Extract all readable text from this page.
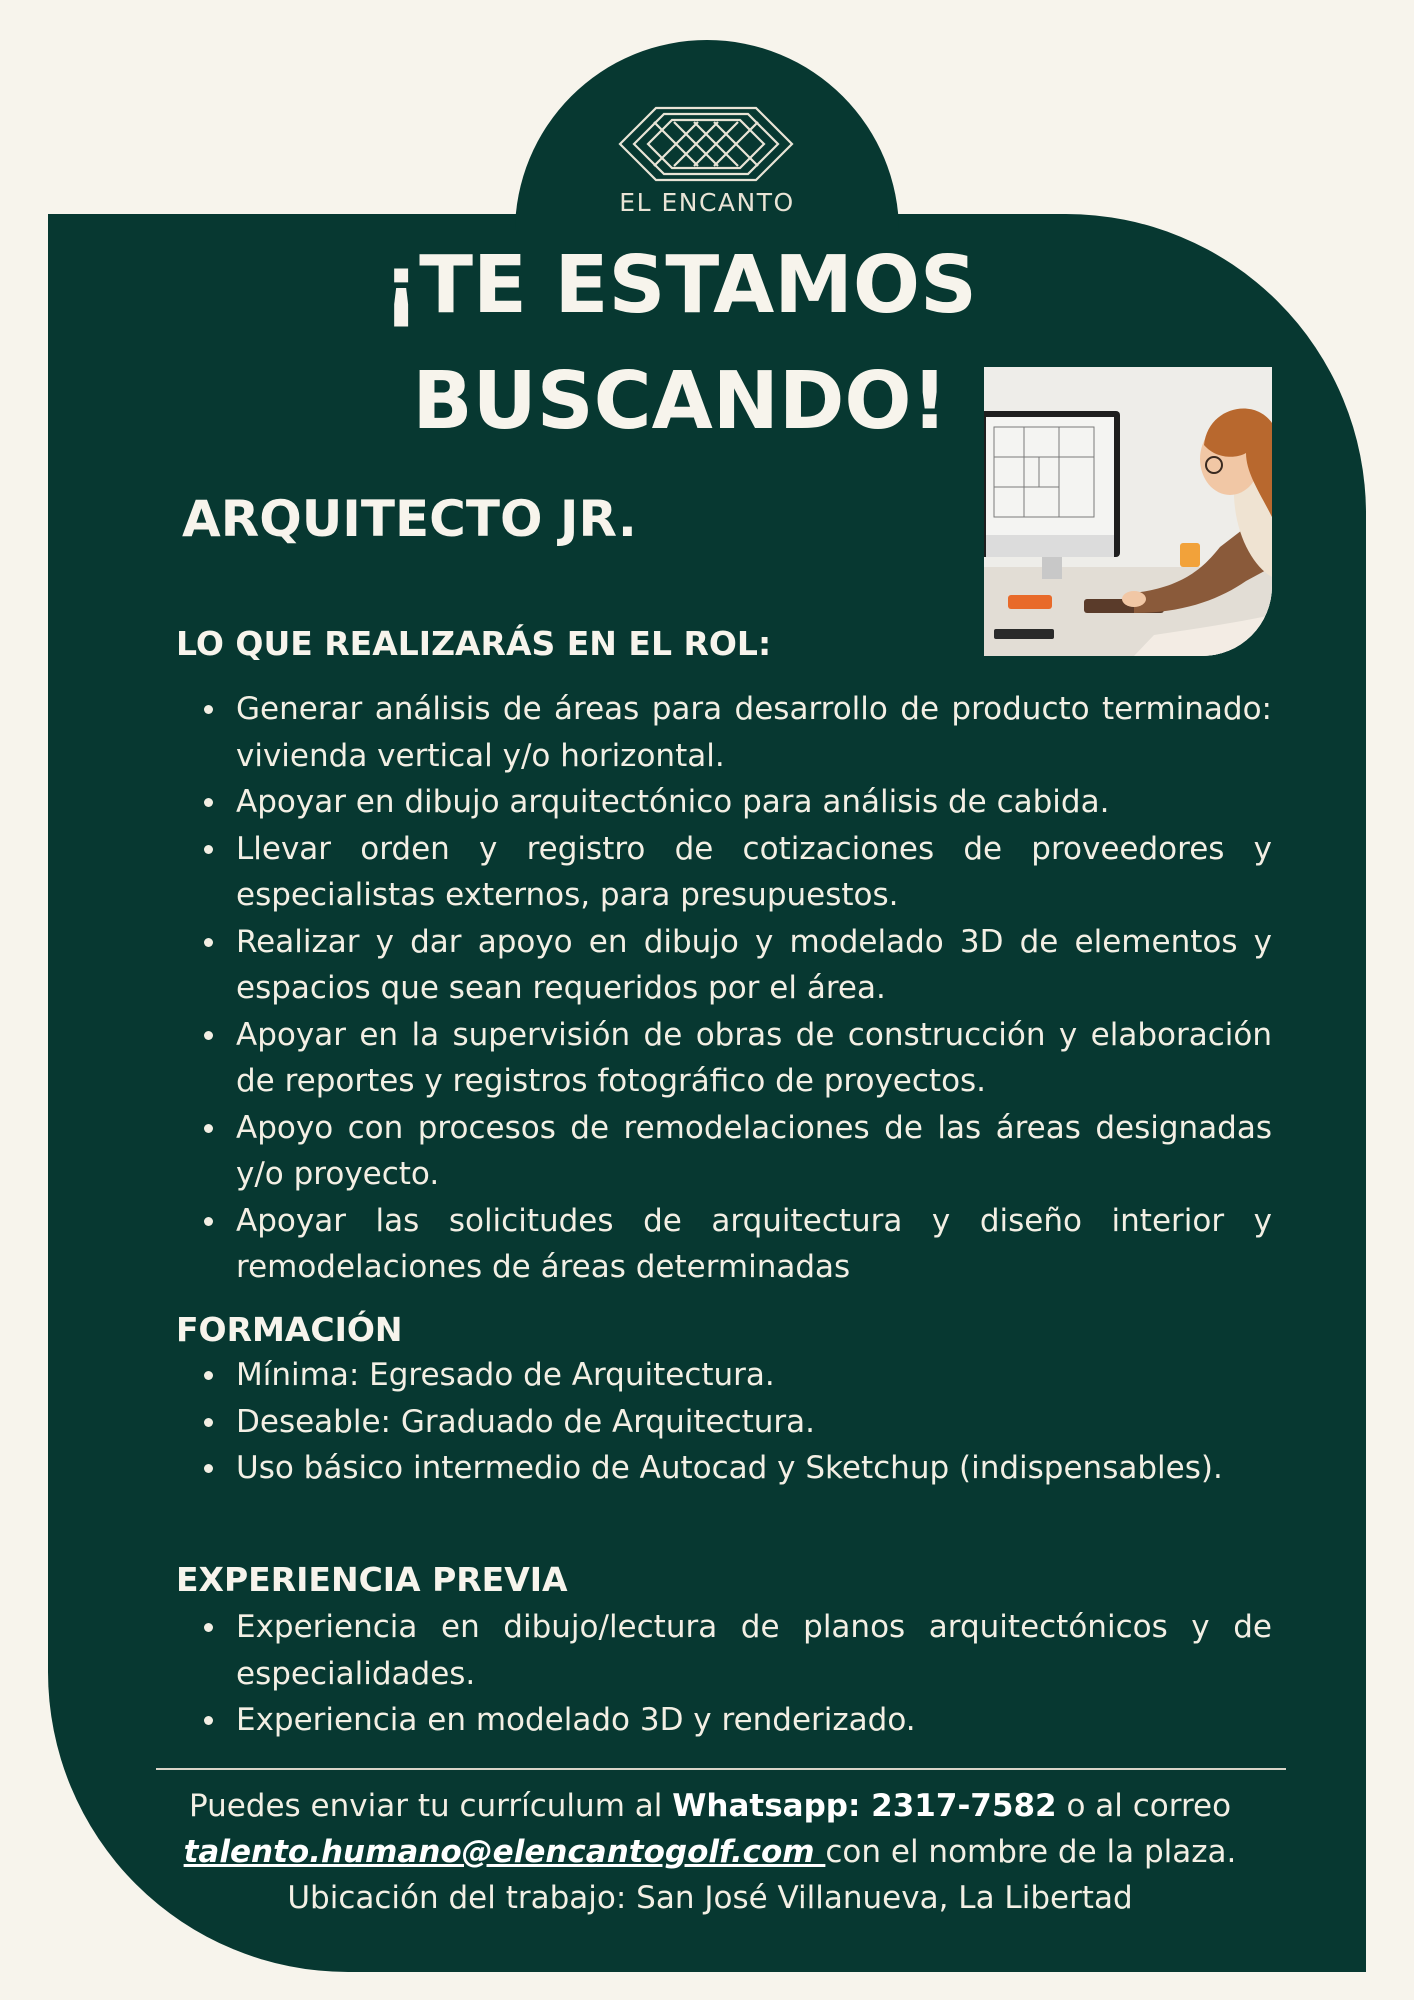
EL ENCANTO
¡TE ESTAMOS
BUSCANDO!
ARQUITECTO JR.
LO QUE REALIZARÁS EN EL ROL:
Generar análisis de áreas para desarrollo de producto terminado: vivienda vertical y/o horizontal.
Apoyar en dibujo arquitectónico para análisis de cabida.
Llevar orden y registro de cotizaciones de proveedores y especialistas externos, para presupuestos.
Realizar y dar apoyo en dibujo y modelado 3D de elementos y espacios que sean requeridos por el área.
Apoyar en la supervisión de obras de construcción y elaboración de reportes y registros fotográfico de proyectos.
Apoyo con procesos de remodelaciones de las áreas designadas y/o proyecto.
Apoyar las solicitudes de arquitectura y diseño interior y remodelaciones de áreas determinadas
FORMACIÓN
Mínima: Egresado de Arquitectura.
Deseable: Graduado de Arquitectura.
Uso básico intermedio de Autocad y Sketchup (indispensables).
EXPERIENCIA PREVIA
Experiencia en dibujo/lectura de planos arquitectónicos y de especialidades.
Experiencia en modelado 3D y renderizado.
Puedes enviar tu currículum al Whatsapp: 2317-7582 o al correo
talento.humano@elencantogolf.com con el nombre de la plaza.
Ubicación del trabajo: San José Villanueva, La Libertad
